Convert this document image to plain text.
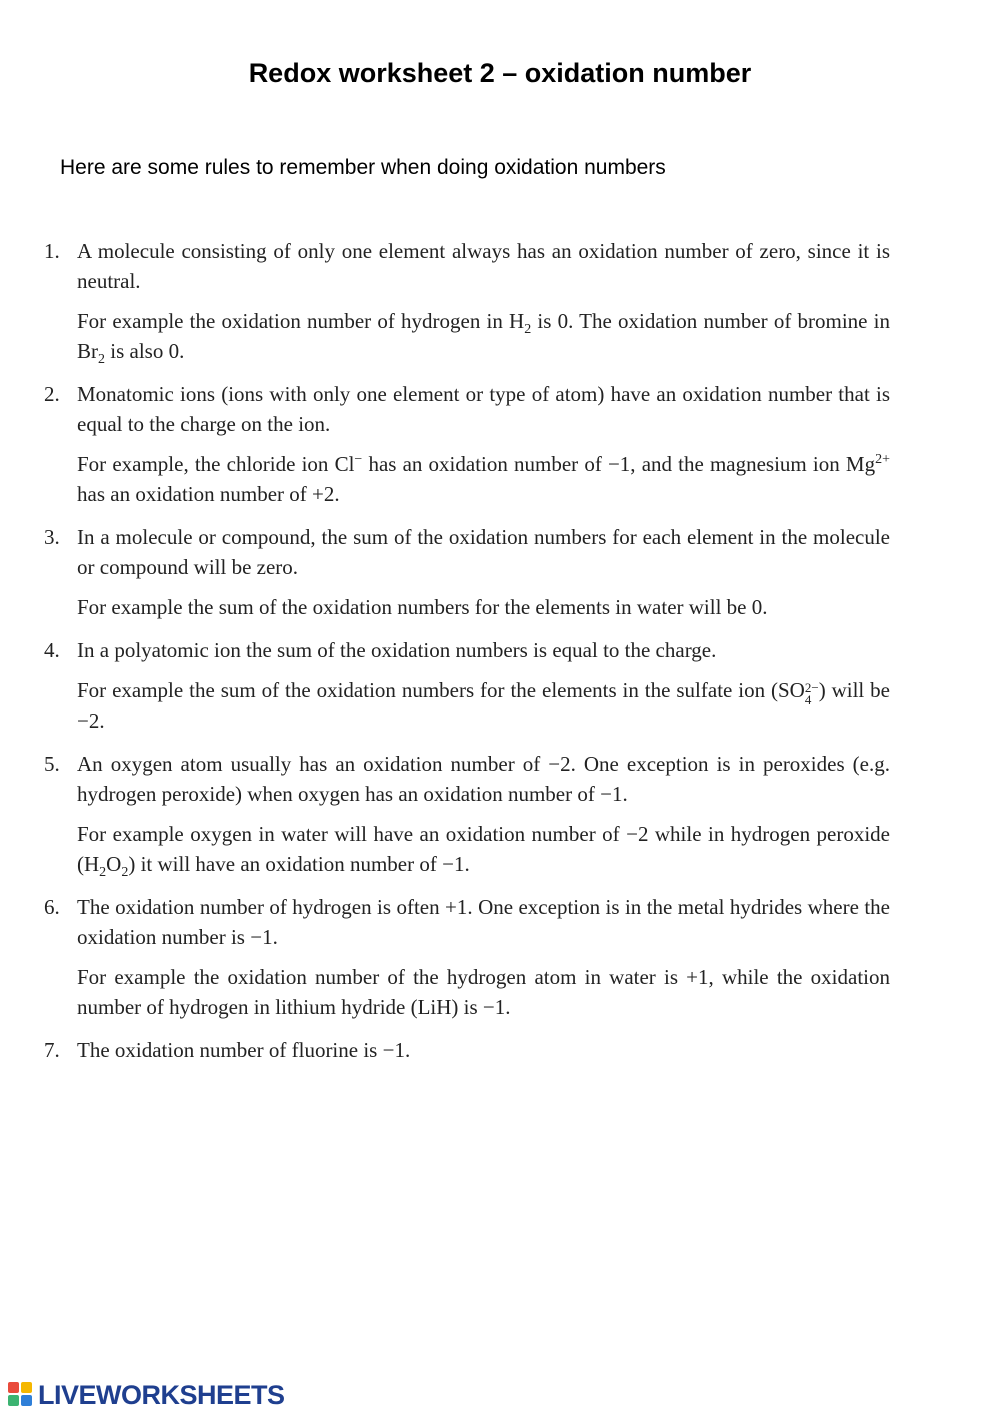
Redox worksheet 2 – oxidation number

Here are some rules to remember when doing oxidation numbers

1. A molecule consisting of only one element always has an oxidation number of zero, since it is neutral.

For example the oxidation number of hydrogen in $H_2$ is 0. The oxidation number of bromine in $Br_2$ is also 0.

2. Monatomic ions (ions with only one element or type of atom) have an oxidation number that is equal to the charge on the ion.

For example, the chloride ion Cl− has an oxidation number of −1, and the magnesium ion $Mg^{2+}$ has an oxidation number of +2.

3. In a molecule or compound, the sum of the oxidation numbers for each element in the molecule or compound will be zero.

For example the sum of the oxidation numbers for the elements in water will be 0.

4. In a polyatomic ion the sum of the oxidation numbers is equal to the charge.

For example the sum of the oxidation numbers for the elements in the sulfate ion (SO 2−
4 ) will be −2.

5. An oxygen atom usually has an oxidation number of −2. One exception is in peroxides (e.g. hydrogen peroxide) when oxygen has an oxidation number of −1.

For example oxygen in water will have an oxidation number of −2 while in hydrogen peroxide $(H_2O_2)$ it will have an oxidation number of −1.

6. The oxidation number of hydrogen is often +1. One exception is in the metal hydrides where the oxidation number is −1.

For example the oxidation number of the hydrogen atom in water is +1, while the oxidation number of hydrogen in lithium hydride (LiH) is −1.

7. The oxidation number of fluorine is −1.

LIVEWORKSHEETS
